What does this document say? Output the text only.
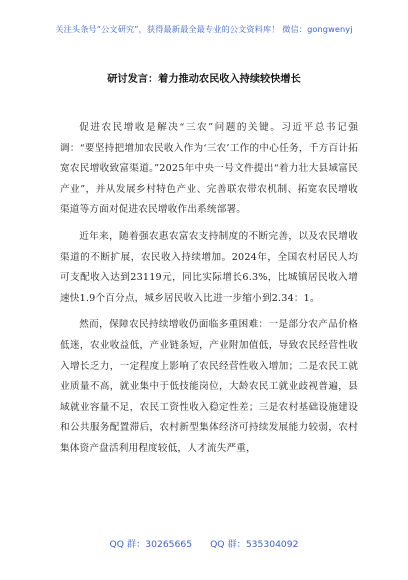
关注头条号“公文研究”，获得最新最全最专业的公文资料库！ 微信：gongwenyj
研讨发言：着力推动农民收入持续较快增长

促进农民增收是解决“三农”问题的关键。习近平总书记强调：“要坚持把增加农民收入作为‘三农’工作的中心任务，千方百计拓宽农民增收致富渠道。”2025年中央一号文件提出“着力壮大县域富民产业”，并从发展乡村特色产业、完善联农带农机制、拓宽农民增收渠道等方面对促进农民增收作出系统部署。

近年来，随着强农惠农富农支持制度的不断完善，以及农民增收渠道的不断扩展，农民收入持续增加。2024年，全国农村居民人均可支配收入达到23119元，同比实际增长6.3%，比城镇居民收入增速快1.9个百分点，城乡居民收入比进一步缩小到2.34：1。

然而，保障农民持续增收仍面临多重困难：一是部分农产品价格低迷，农业收益低，产业链条短，产业附加值低，导致农民经营性收入增长乏力，一定程度上影响了农民经营性收入增加；二是农民工就业质量不高，就业集中于低技能岗位，大龄农民工就业歧视普遍，县域就业容量不足，农民工资性收入稳定性差；三是农村基础设施建设和公共服务配置滞后，农村新型集体经济可持续发展能力较弱，农村集体资产盘活利用程度较低，人才流失严重，

QQ 群：30265665 QQ 群：535304092
